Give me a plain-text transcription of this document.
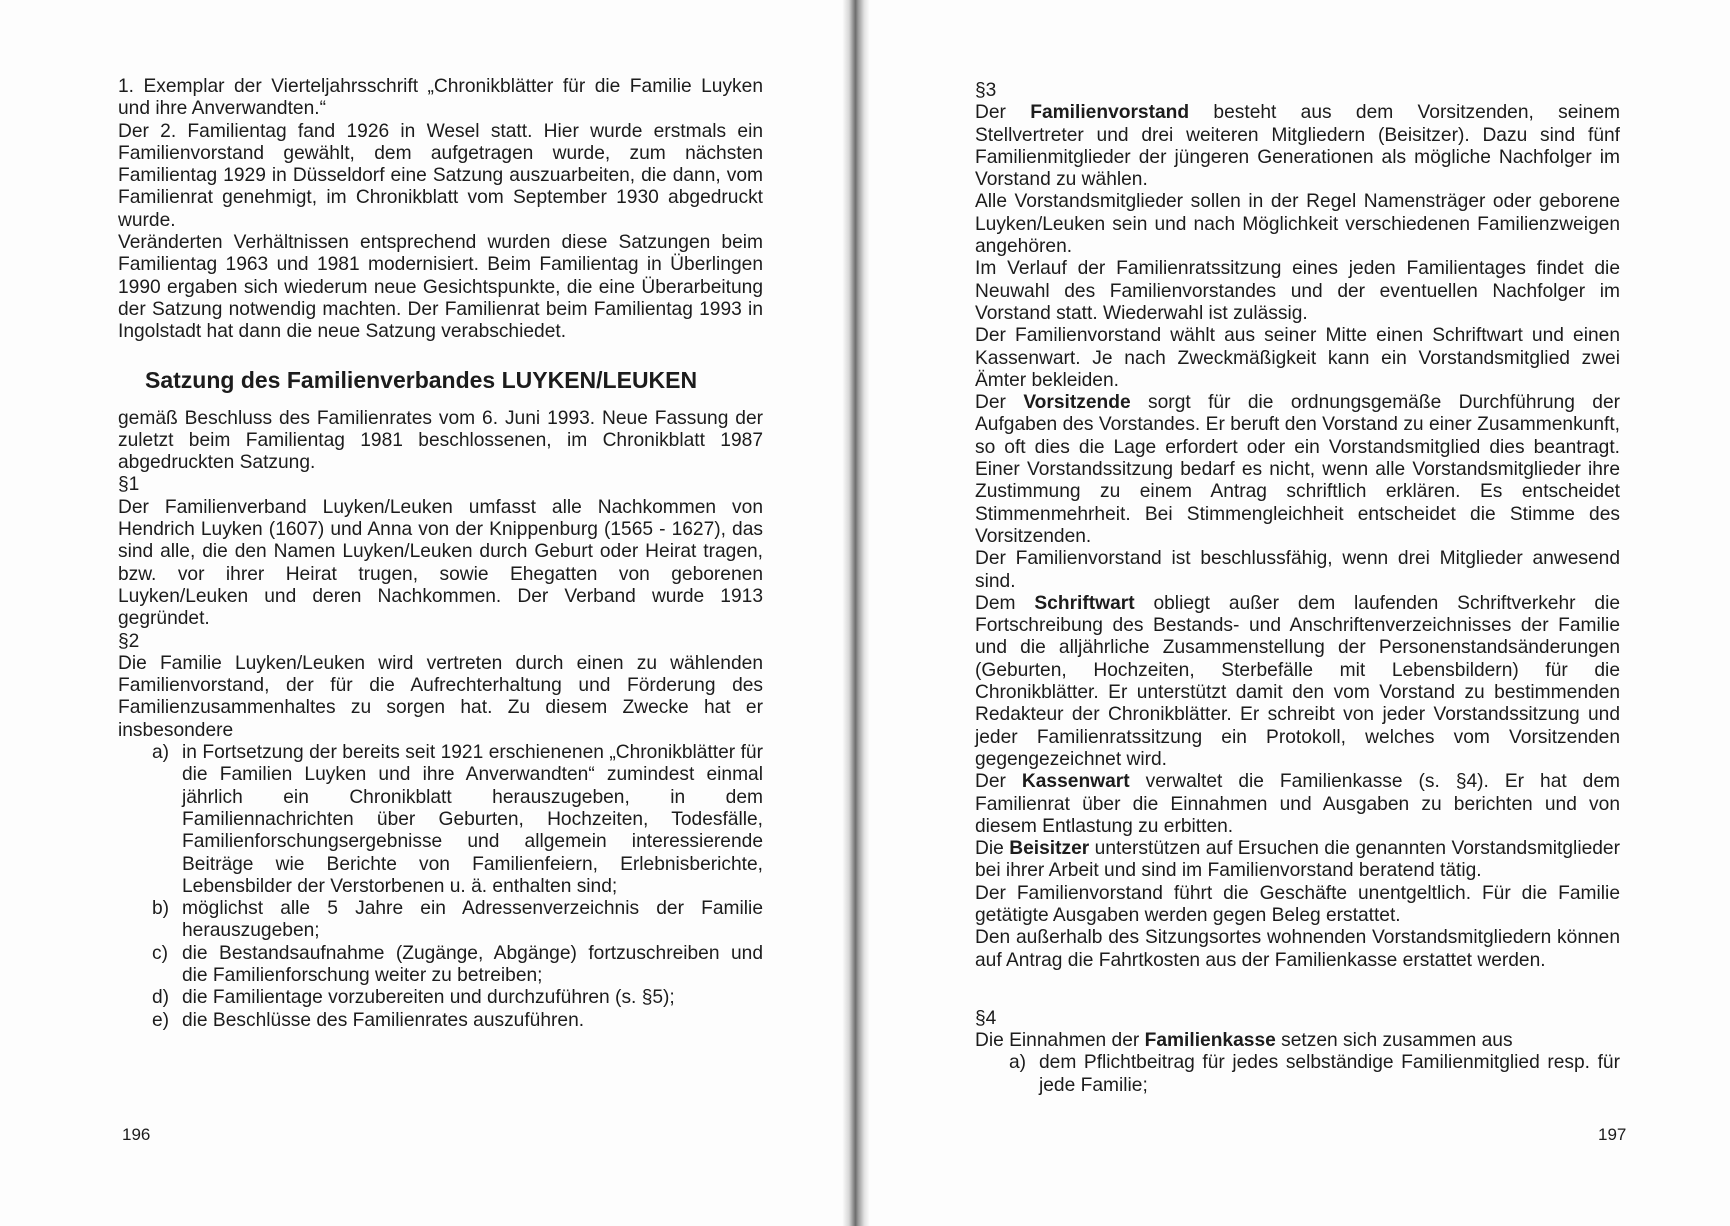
1. Exemplar der Vierteljahrsschrift „Chronikblätter für die Familie Luyken und ihre Anverwandten.“

Der 2. Familientag fand 1926 in Wesel statt. Hier wurde erstmals ein Familienvorstand gewählt, dem aufgetragen wurde, zum nächsten Familientag 1929 in Düsseldorf eine Satzung auszuarbeiten, die dann, vom Familienrat genehmigt, im Chronikblatt vom September 1930 abgedruckt wurde.

Veränderten Verhältnissen entsprechend wurden diese Satzungen beim Familientag 1963 und 1981 modernisiert. Beim Familientag in Überlingen 1990 ergaben sich wiederum neue Gesichtspunkte, die eine Überarbeitung der Satzung notwendig machten. Der Familienrat beim Familientag 1993 in Ingolstadt hat dann die neue Satzung verabschiedet.

Satzung des Familienverbandes LUYKEN/LEUKEN

gemäß Beschluss des Familienrates vom 6. Juni 1993. Neue Fassung der zuletzt beim Familientag 1981 beschlossenen, im Chronikblatt 1987 abgedruckten Satzung.

§1

Der Familienverband Luyken/Leuken umfasst alle Nachkommen von Hendrich Luyken (1607) und Anna von der Knippenburg (1565 - 1627), das sind alle, die den Namen Luyken/Leuken durch Geburt oder Heirat tragen, bzw. vor ihrer Heirat trugen, sowie Ehegatten von geborenen Luyken/Leuken und deren Nachkommen. Der Verband wurde 1913 gegründet.

§2

Die Familie Luyken/Leuken wird vertreten durch einen zu wählenden Familienvorstand, der für die Aufrechterhaltung und Förderung des Familienzusammenhaltes zu sorgen hat. Zu diesem Zwecke hat er insbesondere

a) in Fortsetzung der bereits seit 1921 erschienenen „Chronikblätter für die Familien Luyken und ihre Anverwandten“ zumindest einmal jährlich ein Chronikblatt herauszugeben, in dem Familiennachrichten über Geburten, Hochzeiten, Todesfälle, Familienforschungsergebnisse und allgemein interessierende Beiträge wie Berichte von Familienfeiern, Erlebnisberichte, Lebensbilder der Verstorbenen u. ä. enthalten sind;
b) möglichst alle 5 Jahre ein Adressenverzeichnis der Familie herauszugeben;
c) die Bestandsaufnahme (Zugänge, Abgänge) fortzuschreiben und die Familienforschung weiter zu betreiben;
d) die Familientage vorzubereiten und durchzuführen (s. §5);
e) die Beschlüsse des Familienrates auszuführen.
196

§3

Der Familienvorstand besteht aus dem Vorsitzenden, seinem Stellvertreter und drei weiteren Mitgliedern (Beisitzer). Dazu sind fünf Familienmitglieder der jüngeren Generationen als mögliche Nachfolger im Vorstand zu wählen.

Alle Vorstandsmitglieder sollen in der Regel Namensträger oder geborene Luyken/Leuken sein und nach Möglichkeit verschiedenen Familienzweigen angehören.

Im Verlauf der Familienratssitzung eines jeden Familientages findet die Neuwahl des Familienvorstandes und der eventuellen Nachfolger im Vorstand statt. Wiederwahl ist zulässig.

Der Familienvorstand wählt aus seiner Mitte einen Schriftwart und einen Kassenwart. Je nach Zweckmäßigkeit kann ein Vorstandsmitglied zwei Ämter bekleiden.

Der Vorsitzende sorgt für die ordnungsgemäße Durchführung der Aufgaben des Vorstandes. Er beruft den Vorstand zu einer Zusammenkunft, so oft dies die Lage erfordert oder ein Vorstandsmitglied dies beantragt. Einer Vorstandssitzung bedarf es nicht, wenn alle Vorstandsmitglieder ihre Zustimmung zu einem Antrag schriftlich erklären. Es entscheidet Stimmenmehrheit. Bei Stimmengleichheit entscheidet die Stimme des Vorsitzenden.

Der Familienvorstand ist beschlussfähig, wenn drei Mitglieder anwesend sind.

Dem Schriftwart obliegt außer dem laufenden Schriftverkehr die Fortschreibung des Bestands- und Anschriftenverzeichnisses der Familie und die alljährliche Zusammenstellung der Personenstandsänderungen (Geburten, Hochzeiten, Sterbefälle mit Lebensbildern) für die Chronikblätter. Er unterstützt damit den vom Vorstand zu bestimmenden Redakteur der Chronikblätter. Er schreibt von jeder Vorstandssitzung und jeder Familienratssitzung ein Protokoll, welches vom Vorsitzenden gegengezeichnet wird.

Der Kassenwart verwaltet die Familienkasse (s. §4). Er hat dem Familienrat über die Einnahmen und Ausgaben zu berichten und von diesem Entlastung zu erbitten.

Die Beisitzer unterstützen auf Ersuchen die genannten Vorstandsmitglieder bei ihrer Arbeit und sind im Familienvorstand beratend tätig.

Der Familienvorstand führt die Geschäfte unentgeltlich. Für die Familie getätigte Ausgaben werden gegen Beleg erstattet.

Den außerhalb des Sitzungsortes wohnenden Vorstandsmitgliedern können auf Antrag die Fahrtkosten aus der Familienkasse erstattet werden.

§4

Die Einnahmen der Familienkasse setzen sich zusammen aus

a) dem Pflichtbeitrag für jedes selbständige Familienmitglied resp. für jede Familie;
197
